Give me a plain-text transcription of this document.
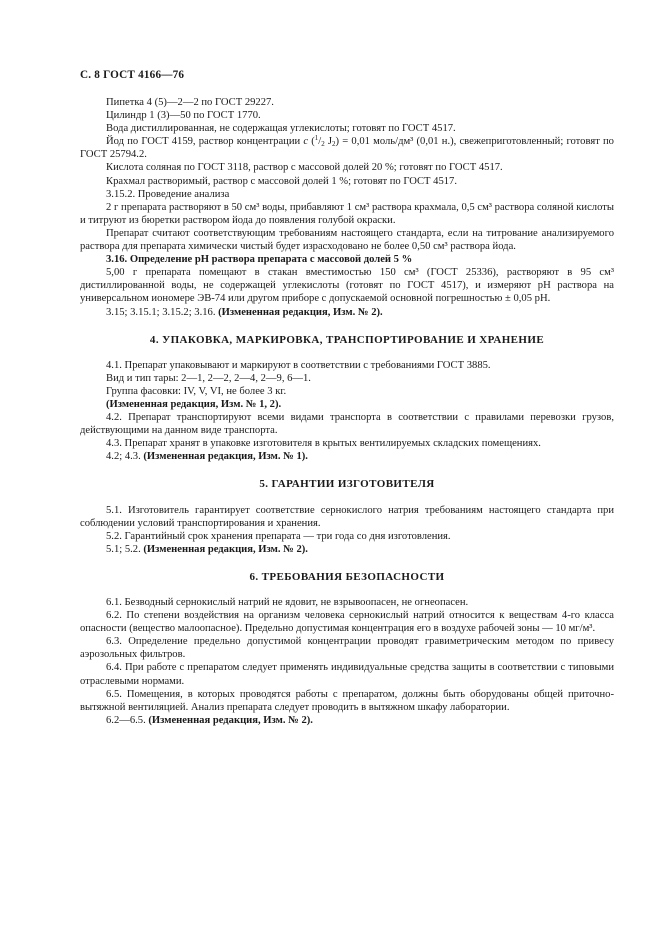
С. 8 ГОСТ 4166—76

Пипетка 4 (5)—2—2 по ГОСТ 29227.

Цилиндр 1 (3)—50 по ГОСТ 1770.

Вода дистиллированная, не содержащая углекислоты; готовят по ГОСТ 4517.

Йод по ГОСТ 4159, раствор концентрации c ($^1/_2$ $J_2) = 0,01$ моль/дм³ (0,01 н.), свежеприготовленный; готовят по ГОСТ 25794.2.

Кислота соляная по ГОСТ 3118, раствор с массовой долей 20 %; готовят по ГОСТ 4517.

Крахмал растворимый, раствор с массовой долей 1 %; готовят по ГОСТ 4517.

3.15.2. Проведение анализа

2 г препарата растворяют в 50 см³ воды, прибавляют 1 см³ раствора крахмала, 0,5 см³ раствора соляной кислоты и титруют из бюретки раствором йода до появления голубой окраски.

Препарат считают соответствующим требованиям настоящего стандарта, если на титрование анализируемого раствора для препарата химически чистый будет израсходовано не более 0,50 см³ раствора йода.

3.16. Определение pH раствора препарата с массовой долей 5 %

5,00 г препарата помещают в стакан вместимостью 150 см³ (ГОСТ 25336), растворяют в 95 см³ дистиллированной воды, не содержащей углекислоты (готовят по ГОСТ 4517), и измеряют pH раствора на универсальном иономере ЭВ-74 или другом приборе с допускаемой основной погрешностью ± 0,05 pH.

3.15; 3.15.1; 3.15.2; 3.16. (Измененная редакция, Изм. № 2).

4. УПАКОВКА, МАРКИРОВКА, ТРАНСПОРТИРОВАНИЕ И ХРАНЕНИЕ

4.1. Препарат упаковывают и маркируют в соответствии с требованиями ГОСТ 3885.

Вид и тип тары: 2—1, 2—2, 2—4, 2—9, 6—1.

Группа фасовки: IV, V, VI, не более 3 кг.

(Измененная редакция, Изм. № 1, 2).

4.2. Препарат транспортируют всеми видами транспорта в соответствии с правилами перевозки грузов, действующими на данном виде транспорта.

4.3. Препарат хранят в упаковке изготовителя в крытых вентилируемых складских помещениях.

4.2; 4.3. (Измененная редакция, Изм. № 1).

5. ГАРАНТИИ ИЗГОТОВИТЕЛЯ

5.1. Изготовитель гарантирует соответствие сернокислого натрия требованиям настоящего стандарта при соблюдении условий транспортирования и хранения.

5.2. Гарантийный срок хранения препарата — три года со дня изготовления.

5.1; 5.2. (Измененная редакция, Изм. № 2).

6. ТРЕБОВАНИЯ БЕЗОПАСНОСТИ

6.1. Безводный сернокислый натрий не ядовит, не взрывоопасен, не огнеопасен.

6.2. По степени воздействия на организм человека сернокислый натрий относится к веществам 4-го класса опасности (вещество малоопасное). Предельно допустимая концентрация его в воздухе рабочей зоны — 10 мг/м³.

6.3. Определение предельно допустимой концентрации проводят гравиметрическим методом по привесу аэрозольных фильтров.

6.4. При работе с препаратом следует применять индивидуальные средства защиты в соответствии с типовыми отраслевыми нормами.

6.5. Помещения, в которых проводятся работы с препаратом, должны быть оборудованы общей приточно-вытяжной вентиляцией. Анализ препарата следует проводить в вытяжном шкафу лаборатории.

6.2—6.5. (Измененная редакция, Изм. № 2).
